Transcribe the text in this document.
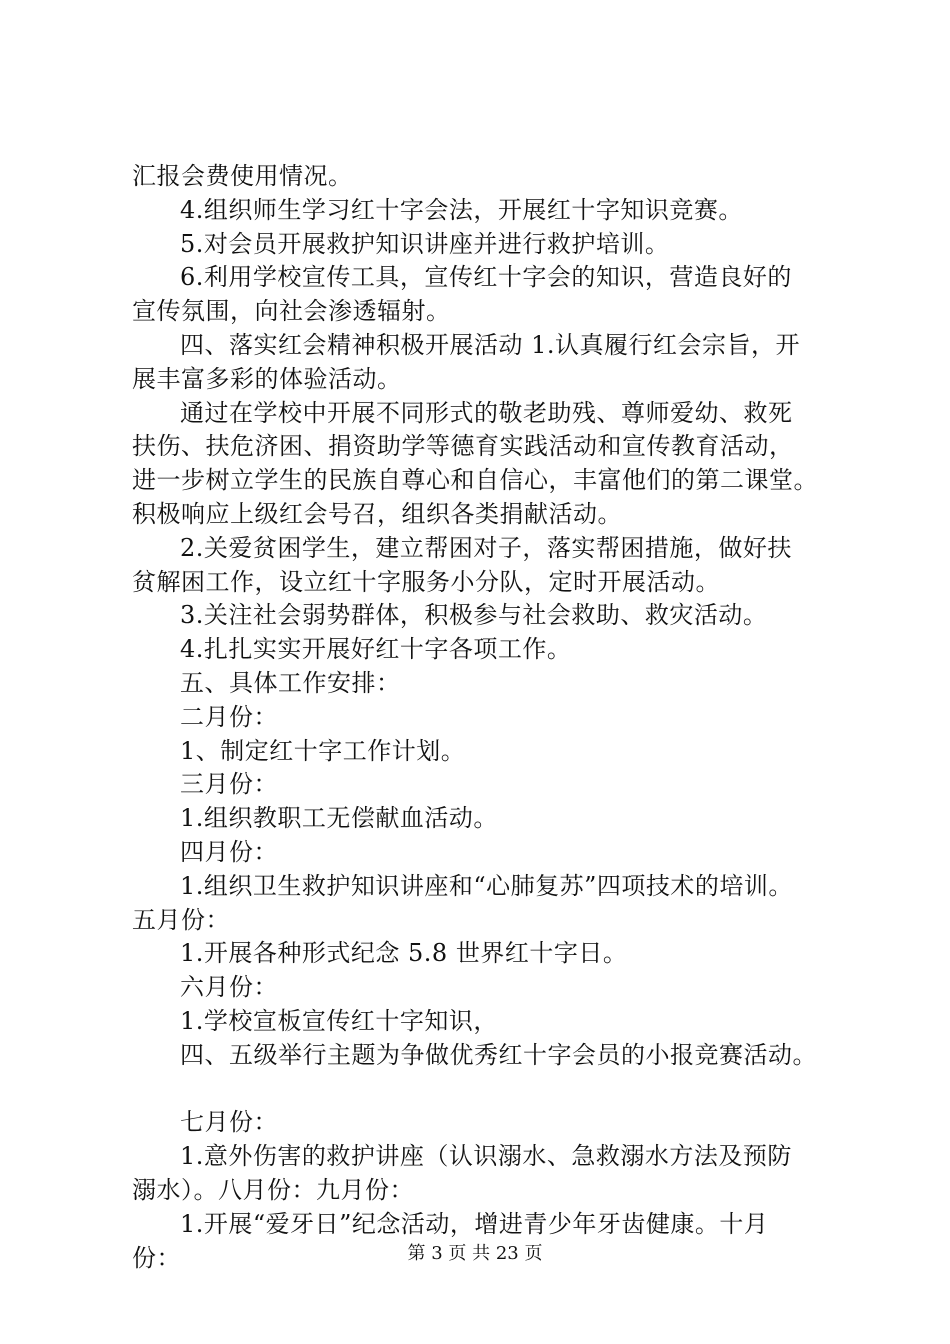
汇报会费使用情况。
4.组织师生学习红十字会法，开展红十字知识竞赛。
5.对会员开展救护知识讲座并进行救护培训。
6.利用学校宣传工具，宣传红十字会的知识，营造良好的
宣传氛围，向社会渗透辐射。
四、落实红会精神积极开展活动 1.认真履行红会宗旨，开
展丰富多彩的体验活动。
通过在学校中开展不同形式的敬老助残、尊师爱幼、救死
扶伤、扶危济困、捐资助学等德育实践活动和宣传教育活动，
进一步树立学生的民族自尊心和自信心，丰富他们的第二课堂。
积极响应上级红会号召，组织各类捐献活动。
2.关爱贫困学生，建立帮困对子，落实帮困措施，做好扶
贫解困工作，设立红十字服务小分队，定时开展活动。
3.关注社会弱势群体，积极参与社会救助、救灾活动。
4.扎扎实实开展好红十字各项工作。
五、具体工作安排：
二月份：
1、制定红十字工作计划。
三月份：
1.组织教职工无偿献血活动。
四月份：
1.组织卫生救护知识讲座和“心肺复苏”四项技术的培训。
五月份：
1.开展各种形式纪念 5.8 世界红十字日。
六月份：
1.学校宣板宣传红十字知识，
四、五级举行主题为争做优秀红十字会员的小报竞赛活动。
七月份：
1.意外伤害的救护讲座（认识溺水、急救溺水方法及预防
溺水）。八月份：九月份：
1.开展“爱牙日”纪念活动，增进青少年牙齿健康。十月
份：	第 3 页 共 23 页
